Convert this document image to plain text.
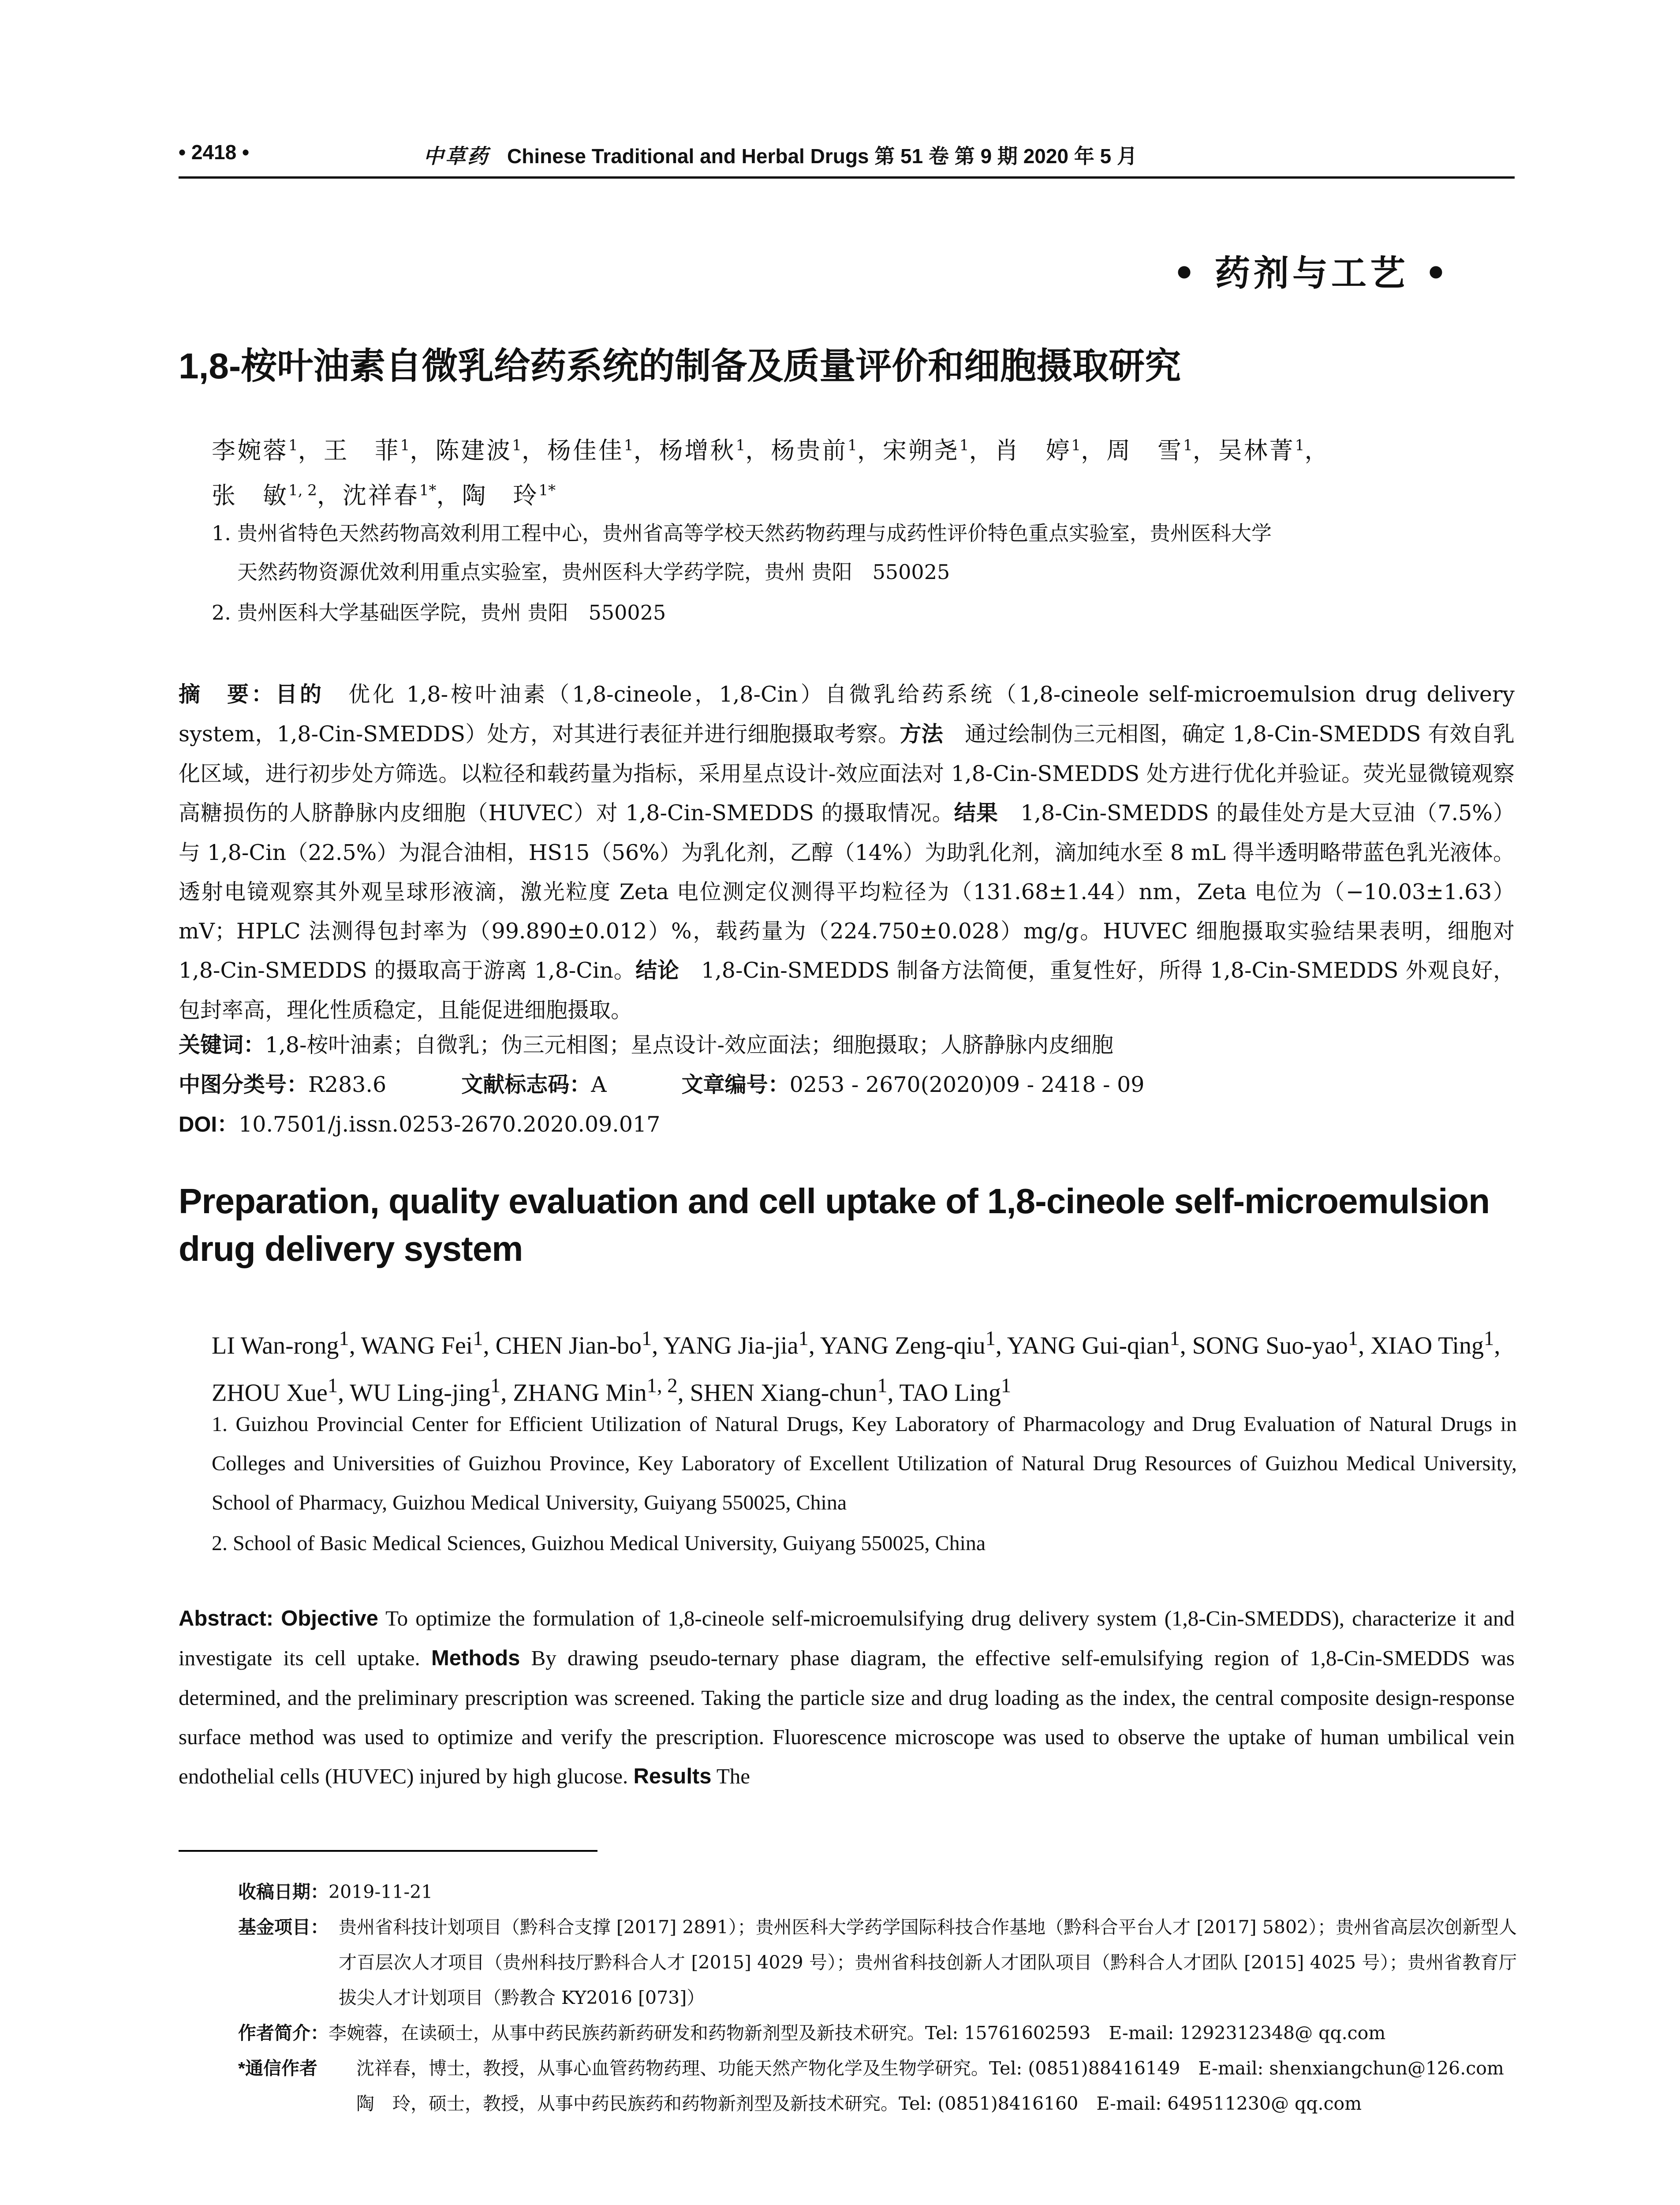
• 2418 •	中草药 Chinese Traditional and Herbal Drugs 第 51 卷 第 9 期 2020 年 5 月
• 药剂与工艺 •
1,8-桉叶油素自微乳给药系统的制备及质量评价和细胞摄取研究
李婉蓉$^1$，王　菲$^1$，陈建波$^1$，杨佳佳$^1$，杨增秋$^1$，杨贵前$^1$，宋朔尧$^1$，肖　婷$^1$，周　雪$^1$，吴林菁$^1$，
张　敏$^{1, 2}$，沈祥春$^{1*}$，陶　玲$^{1*}$
1. 贵州省特色天然药物高效利用工程中心，贵州省高等学校天然药物药理与成药性评价特色重点实验室，贵州医科大学
天然药物资源优效利用重点实验室，贵州医科大学药学院，贵州 贵阳　550025
2. 贵州医科大学基础医学院，贵州 贵阳　550025
摘　要：目的　优化 1,8-桉叶油素（1,8-cineole，1,8-Cin）自微乳给药系统（1,8-cineole self-microemulsion drug delivery system，1,8-Cin-SMEDDS）处方，对其进行表征并进行细胞摄取考察。方法　通过绘制伪三元相图，确定 1,8-Cin-SMEDDS 有效自乳化区域，进行初步处方筛选。以粒径和载药量为指标，采用星点设计-效应面法对 1,8-Cin-SMEDDS 处方进行优化并验证。荧光显微镜观察高糖损伤的人脐静脉内皮细胞（HUVEC）对 1,8-Cin-SMEDDS 的摄取情况。结果　1,8-Cin-SMEDDS 的最佳处方是大豆油（7.5%）与 1,8-Cin（22.5%）为混合油相，HS15（56%）为乳化剂，乙醇（14%）为助乳化剂，滴加纯水至 8 mL 得半透明略带蓝色乳光液体。透射电镜观察其外观呈球形液滴，激光粒度 Zeta 电位测定仪测得平均粒径为（131.68±1.44）nm，Zeta 电位为（−10.03±1.63）mV；HPLC 法测得包封率为（99.890±0.012）%，载药量为（224.750±0.028）mg/g。HUVEC 细胞摄取实验结果表明，细胞对 1,8-Cin-SMEDDS 的摄取高于游离 1,8-Cin。结论　1,8-Cin-SMEDDS 制备方法简便，重复性好，所得 1,8-Cin-SMEDDS 外观良好，包封率高，理化性质稳定，且能促进细胞摄取。
关键词：1,8-桉叶油素；自微乳；伪三元相图；星点设计-效应面法；细胞摄取；人脐静脉内皮细胞
中图分类号：R283.6	文献标志码：A	文章编号：0253 - 2670(2020)09 - 2418 - 09
DOI：10.7501/j.issn.0253-2670.2020.09.017
Preparation, quality evaluation and cell uptake of 1,8-cineole self-microemulsion drug delivery system
LI Wan-rong$^1$, WANG Fei$^1$, CHEN Jian-$bo^1$, YANG Jia-jia$^1$, YANG Zeng-qiu$^1$, YANG Gui-qian$^1$, SONG Suo-yao$^1$, XIAO Ting$^1$, ZHOU Xue$^1$, WU Ling-jing$^1$, ZHANG Min$^{1, 2}$, SHEN Xiang-chun$^1$, TAO Ling$^1$
1. Guizhou Provincial Center for Efficient Utilization of Natural Drugs, Key Laboratory of Pharmacology and Drug Evaluation of Natural Drugs in Colleges and Universities of Guizhou Province, Key Laboratory of Excellent Utilization of Natural Drug Resources of Guizhou Medical University, School of Pharmacy, Guizhou Medical University, Guiyang 550025, China
2. School of Basic Medical Sciences, Guizhou Medical University, Guiyang 550025, China
Abstract: Objective To optimize the formulation of 1,8-cineole self-microemulsifying drug delivery system (1,8-Cin-SMEDDS), characterize it and investigate its cell uptake. Methods By drawing pseudo-ternary phase diagram, the effective self-emulsifying region of 1,8-Cin-SMEDDS was determined, and the preliminary prescription was screened. Taking the particle size and drug loading as the index, the central composite design-response surface method was used to optimize and verify the prescription. Fluorescence microscope was used to observe the uptake of human umbilical vein endothelial cells (HUVEC) injured by high glucose. Results The
收稿日期：2019-11-21
基金项目： 贵州省科技计划项目（黔科合支撑 [2017] 2891）；贵州医科大学药学国际科技合作基地（黔科合平台人才 [2017] 5802）；贵州省高层次创新型人才百层次人才项目（贵州科技厅黔科合人才 [2015] 4029 号）；贵州省科技创新人才团队项目（黔科合人才团队 [2015] 4025 号）；贵州省教育厅拔尖人才计划项目（黔教合 KY2016 [073]）
作者简介：李婉蓉，在读硕士，从事中药民族药新药研发和药物新剂型及新技术研究。Tel: 15761602593　E-mail: 1292312348@ qq.com
*通信作者 沈祥春，博士，教授，从事心血管药物药理、功能天然产物化学及生物学研究。Tel: (0851)88416149　E-mail: shenxiangchun@126.com
陶　玲，硕士，教授，从事中药民族药和药物新剂型及新技术研究。Tel: (0851)8416160　E-mail: 649511230@ qq.com
